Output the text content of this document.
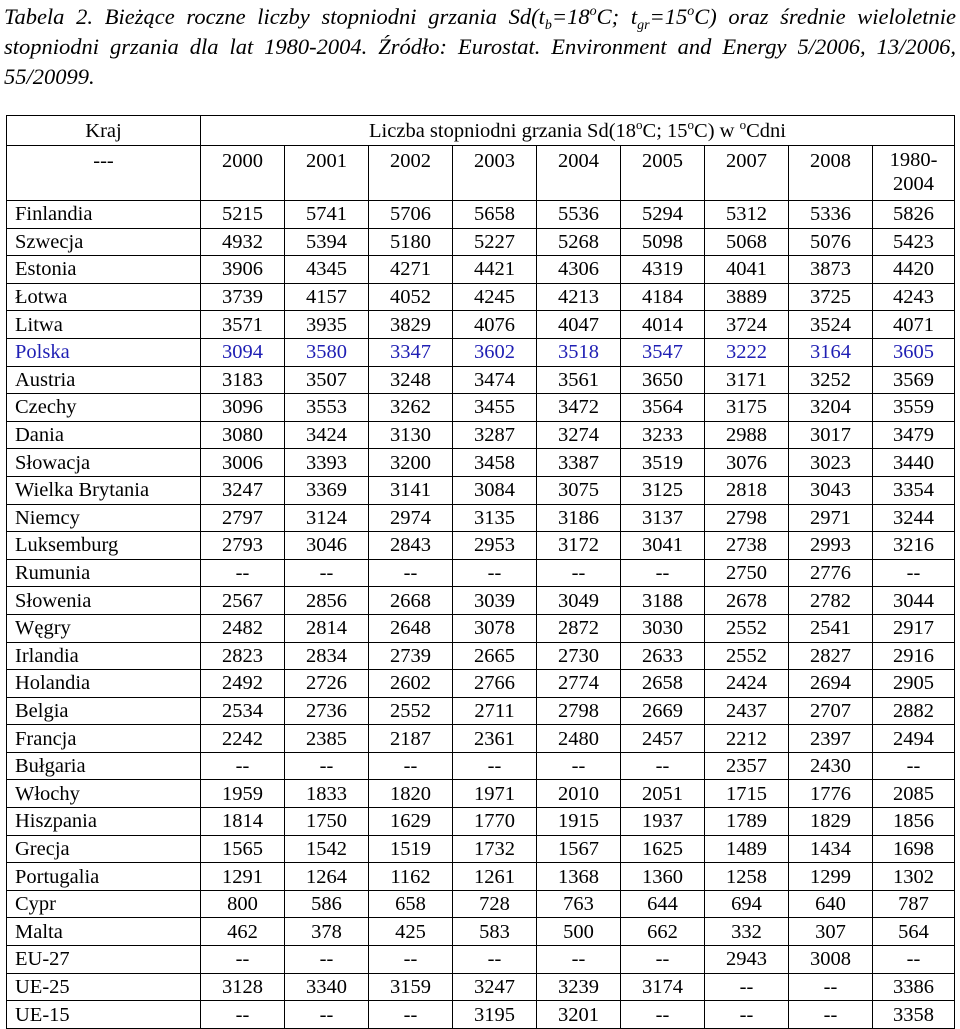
Tabela 2. Bieżące roczne liczby stopniodni grzania $Sd(t_b=18^oC$; $t_{gr}=15^oC$) oraz średnie wieloletnie stopniodni grzania dla lat 1980-2004. Źródło: Eurostat. Environment and Energy 5/2006, 13/2006, 55/20099.
Kraj	Liczba stopniodni grzania Sd(18$^o$C; 15$^o$C) w $^o$Cdni								
---	2000	2001	2002	2003	2004	2005	2007	2008	1980-2004
Finlandia	5215	5741	5706	5658	5536	5294	5312	5336	5826
Szwecja	4932	5394	5180	5227	5268	5098	5068	5076	5423
Estonia	3906	4345	4271	4421	4306	4319	4041	3873	4420
Łotwa	3739	4157	4052	4245	4213	4184	3889	3725	4243
Litwa	3571	3935	3829	4076	4047	4014	3724	3524	4071
Polska	3094	3580	3347	3602	3518	3547	3222	3164	3605
Austria	3183	3507	3248	3474	3561	3650	3171	3252	3569
Czechy	3096	3553	3262	3455	3472	3564	3175	3204	3559
Dania	3080	3424	3130	3287	3274	3233	2988	3017	3479
Słowacja	3006	3393	3200	3458	3387	3519	3076	3023	3440
Wielka Brytania	3247	3369	3141	3084	3075	3125	2818	3043	3354
Niemcy	2797	3124	2974	3135	3186	3137	2798	2971	3244
Luksemburg	2793	3046	2843	2953	3172	3041	2738	2993	3216
Rumunia	--	--	--	--	--	--	2750	2776	--
Słowenia	2567	2856	2668	3039	3049	3188	2678	2782	3044
Węgry	2482	2814	2648	3078	2872	3030	2552	2541	2917
Irlandia	2823	2834	2739	2665	2730	2633	2552	2827	2916
Holandia	2492	2726	2602	2766	2774	2658	2424	2694	2905
Belgia	2534	2736	2552	2711	2798	2669	2437	2707	2882
Francja	2242	2385	2187	2361	2480	2457	2212	2397	2494
Bułgaria	--	--	--	--	--	--	2357	2430	--
Włochy	1959	1833	1820	1971	2010	2051	1715	1776	2085
Hiszpania	1814	1750	1629	1770	1915	1937	1789	1829	1856
Grecja	1565	1542	1519	1732	1567	1625	1489	1434	1698
Portugalia	1291	1264	1162	1261	1368	1360	1258	1299	1302
Cypr	800	586	658	728	763	644	694	640	787
Malta	462	378	425	583	500	662	332	307	564
EU-27	--	--	--	--	--	--	2943	3008	--
UE-25	3128	3340	3159	3247	3239	3174	--	--	3386
UE-15	--	--	--	3195	3201	--	--	--	3358
